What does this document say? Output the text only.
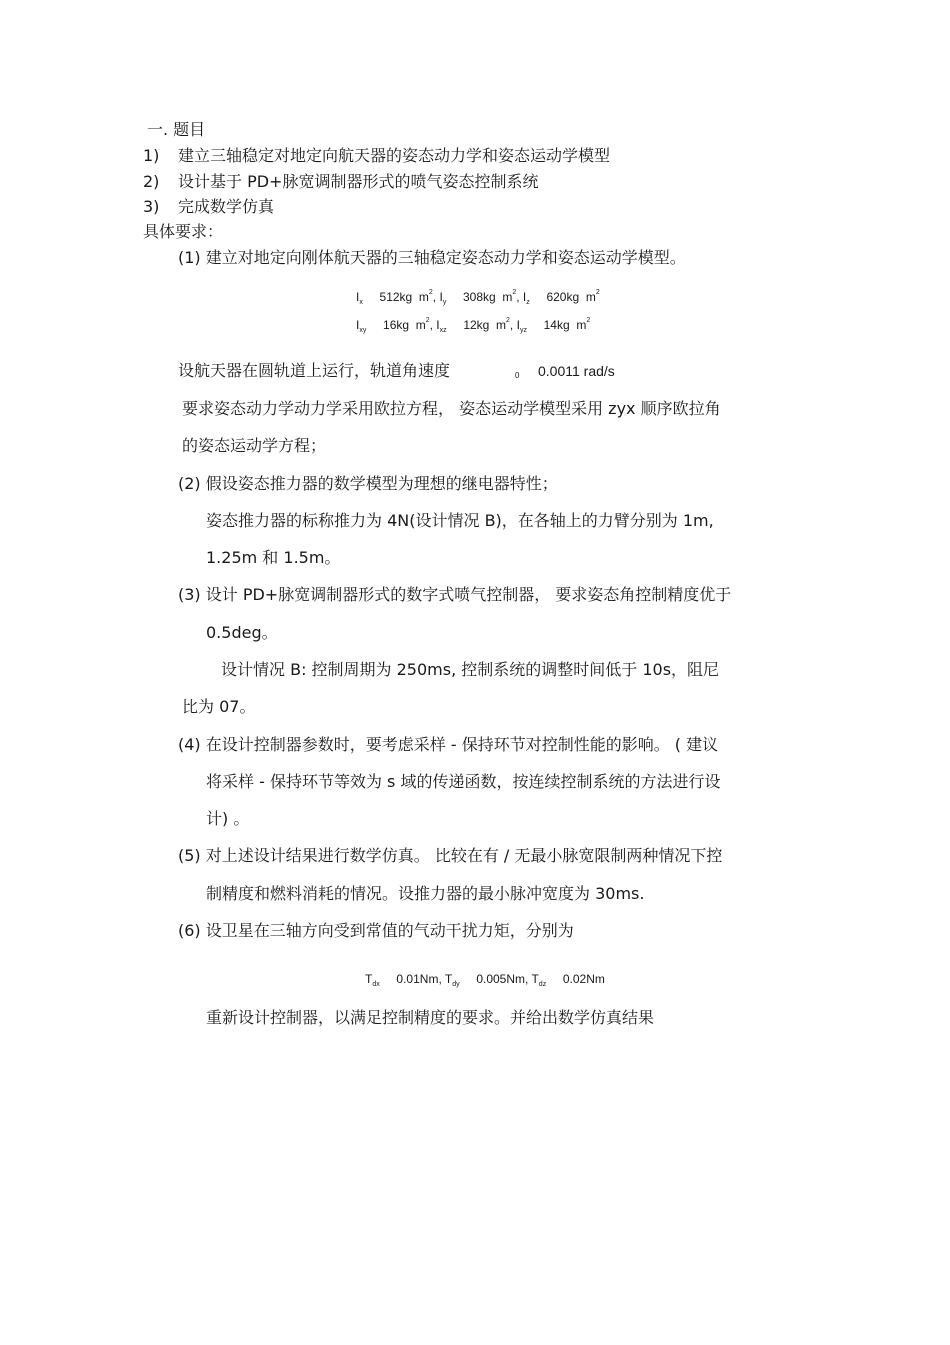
一. 题目
1) 建立三轴稳定对地定向航天器的姿态动力学和姿态运动学模型
2) 设计基于 PD+脉宽调制器形式的喷气姿态控制系统
3) 完成数学仿真
具体要求：
(1) 建立对地定向刚体航天器的三轴稳定姿态动力学和姿态运动学模型。
$I_x$ 512kg $m^2$, $I_y$ 308kg $m^2$, $I_z$ 620kg $m^2$
$I_{xy}$ 16kg $m^2$, $I_{xz}$ 12kg $m^2$, $I_{yz}$ 14kg $m^2$
设航天器在圆轨道上运行，轨道角速度	0 0.0011 rad/s
要求姿态动力学动力学采用欧拉方程， 姿态运动学模型采用 zyx 顺序欧拉角
的姿态运动学方程；
(2) 假设姿态推力器的数学模型为理想的继电器特性；
姿态推力器的标称推力为 4N(设计情况 B)，在各轴上的力臂分别为 1m,
1.25m 和 1.5m。
(3) 设计 PD+脉宽调制器形式的数字式喷气控制器， 要求姿态角控制精度优于
0.5deg。
设计情况 B: 控制周期为 250ms, 控制系统的调整时间低于 10s，阻尼
比为 07。
(4) 在设计控制器参数时，要考虑采样 - 保持环节对控制性能的影响。 ( 建议
将采样 - 保持环节等效为 s 域的传递函数，按连续控制系统的方法进行设
计) 。
(5) 对上述设计结果进行数学仿真。 比较在有 / 无最小脉宽限制两种情况下控
制精度和燃料消耗的情况。设推力器的最小脉冲宽度为 30ms.
(6) 设卫星在三轴方向受到常值的气动干扰力矩，分别为
$T_{dx}$ 0.01Nm, $T_{dy}$ 0.005Nm, $T_{dz}$ 0.02Nm
重新设计控制器，以满足控制精度的要求。并给出数学仿真结果
